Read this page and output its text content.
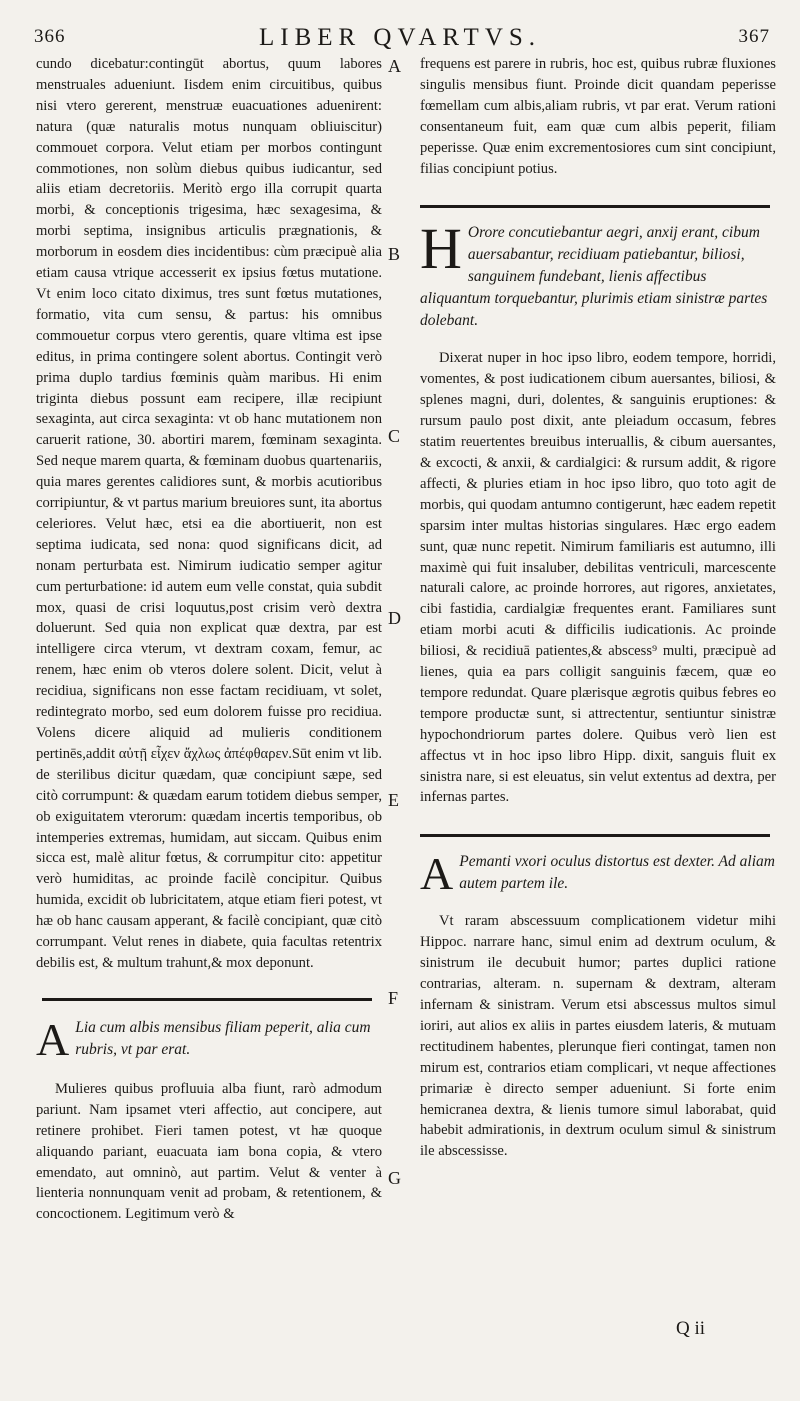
366	LIBER QVARTVS.	367
A
B
C
D
E
F
G

cundo dicebatur:contingūt abortus, quum labores menstruales adueniunt. Iisdem enim circuitibus, quibus nisi vtero gererent, menstruæ euacuationes aduenirent: natura (quæ naturalis motus nunquam obliuiscitur) commouet corpora. Velut etiam per morbos contingunt commotiones, non solùm diebus quibus iudicantur, sed aliis etiam decretoriis. Meritò ergo illa corrupit quarta morbi, & conceptionis trigesima, hæc sexagesima, & morbi septima, insignibus articulis prægnationis, & morborum in eosdem dies incidentibus: cùm præcipuè alia etiam causa vtrique accesserit ex ipsius fœtus mutatione. Vt enim loco citato diximus, tres sunt fœtus mutationes, formatio, vita cum sensu, & partus: his omnibus commouetur corpus vtero gerentis, quare vltima est ipse editus, in prima contingere solent abortus. Contingit verò prima duplo tardius fœminis quàm maribus. Hi enim triginta diebus possunt eam recipere, illæ recipiunt sexaginta, aut circa sexaginta: vt ob hanc mutationem non caruerit ratione, 30. abortiri marem, fœminam sexaginta. Sed neque marem quarta, & fœminam duobus quartenariis, quia mares gerentes calidiores sunt, & morbis acutioribus corripiuntur, & vt partus marium breuiores sunt, ita abortus celeriores. Velut hæc, etsi ea die abortiuerit, non est septima iudicata, sed nona: quod significans dicit, ad nonam perturbata est. Nimirum iudicatio semper agitur cum perturbatione: id autem eum velle constat, quia subdit mox, quasi de crisi loquutus,post crisim verò dextra doluerunt. Sed quia non explicat quæ dextra, par est intelligere circa vterum, vt dextram coxam, femur, ac renem, hæc enim ob vteros dolere solent. Dicit, velut à recidiua, significans non esse factam recidiuam, vt solet, redintegrato morbo, sed eum dolorem fuisse pro recidiua. Volens dicere aliquid ad mulieris conditionem pertinēs,addit αὐτῇ εἶχεν ἄχλως ἀπέφθαρεν.Sūt enim vt lib. de sterilibus dicitur quædam, quæ concipiunt sæpe, sed citò corrumpunt: & quædam earum totidem diebus semper, ob exiguitatem vterorum: quædam incertis temporibus, ob intemperies extremas, humidam, aut siccam. Quibus enim sicca est, malè alitur fœtus, & corrumpitur cito: appetitur verò humiditas, ac proinde facilè concipitur. Quibus humida, excidit ob lubricitatem, atque etiam fieri potest, vt hæ ob hanc causam apperant, & facilè concipiant, quæ citò corrumpant. Velut renes in diabete, quia facultas retentrix debilis est, & multum trahunt,& mox deponunt.

A Lia cum albis mensibus filiam peperit, alia cum rubris, vt par erat.

Mulieres quibus profluuia alba fiunt, rarò admodum pariunt. Nam ipsamet vteri affectio, aut concipere, aut retinere prohibet. Fieri tamen potest, vt hæ quoque aliquando pariant, euacuata iam bona copia, & vtero emendato, aut omninò, aut partim. Velut & venter à lienteria nonnunquam venit ad probam, & retentionem, & concoctionem. Legitimum verò &

frequens est parere in rubris, hoc est, quibus rubræ fluxiones singulis mensibus fiunt. Proinde dicit quandam peperisse fœmellam cum albis,aliam rubris, vt par erat. Verum rationi consentaneum fuit, eam quæ cum albis peperit, filiam peperisse. Quæ enim excrementosiores cum sint concipiunt, filias concipiunt potius.

H Orore concutiebantur aegri, anxij erant, cibum auersabantur, recidiuam patiebantur, biliosi, sanguinem fundebant, lienis affectibus aliquantum torquebantur, plurimis etiam sinistræ partes dolebant.

Dixerat nuper in hoc ipso libro, eodem tempore, horridi, vomentes, & post iudicationem cibum auersantes, biliosi, & splenes magni, duri, dolentes, & sanguinis eruptiones: & rursum paulo post dixit, ante pleiadum occasum, febres statim reuertentes breuibus interuallis, & cibum auersantes, & excocti, & anxii, & cardialgici: & rursum addit, & rigore affecti, & pluries etiam in hoc ipso libro, quo toto agit de morbis, qui quodam antumno contigerunt, hæc eadem repetit sparsim inter multas historias singulares. Hæc ergo eadem sunt, quæ nunc repetit. Nimirum familiaris est autumno, illi maximè qui fuit insaluber, debilitas ventriculi, marcescente naturali calore, ac proinde horrores, aut rigores, anxietates, cibi fastidia, cardialgiæ frequentes erant. Familiares sunt etiam morbi acuti & difficilis iudicationis. Ac proinde biliosi, & recidiuā patientes,& abscess⁹ multi, præcipuè ad lienes, quia ea pars colligit sanguinis fæcem, quæ eo tempore redundat. Quare plærisque ægrotis quibus febres eo tempore productæ sunt, si attrectentur, sentiuntur sinistræ hypochondriorum partes dolere. Quibus verò lien est affectus vt in hoc ipso libro Hipp. dixit, sanguis fluit ex sinistra nare, si est eleuatus, sin velut extentus ad dextra, per infernas partes.

A Pemanti vxori oculus distortus est dexter. Ad aliam autem partem ile.

Vt raram abscessuum complicationem videtur mihi Hippoc. narrare hanc, simul enim ad dextrum oculum, & sinistrum ile decubuit humor; partes duplici ratione contrarias, alteram. n. supernam & dextram, alteram infernam & sinistram. Verum etsi abscessus multos simul ioriri, aut alios ex aliis in partes eiusdem lateris, & mutuam rectitudinem habentes, plerunque fieri contingat, tamen non mirum est, contrarios etiam complicari, vt neque affectiones primariæ è directo semper adueniunt. Si forte enim hemicranea dextra, & lienis tumore simul laborabat, quid habebit admirationis, in dextrum oculum simul & sinistrum ile abscessisse.

Q ii
